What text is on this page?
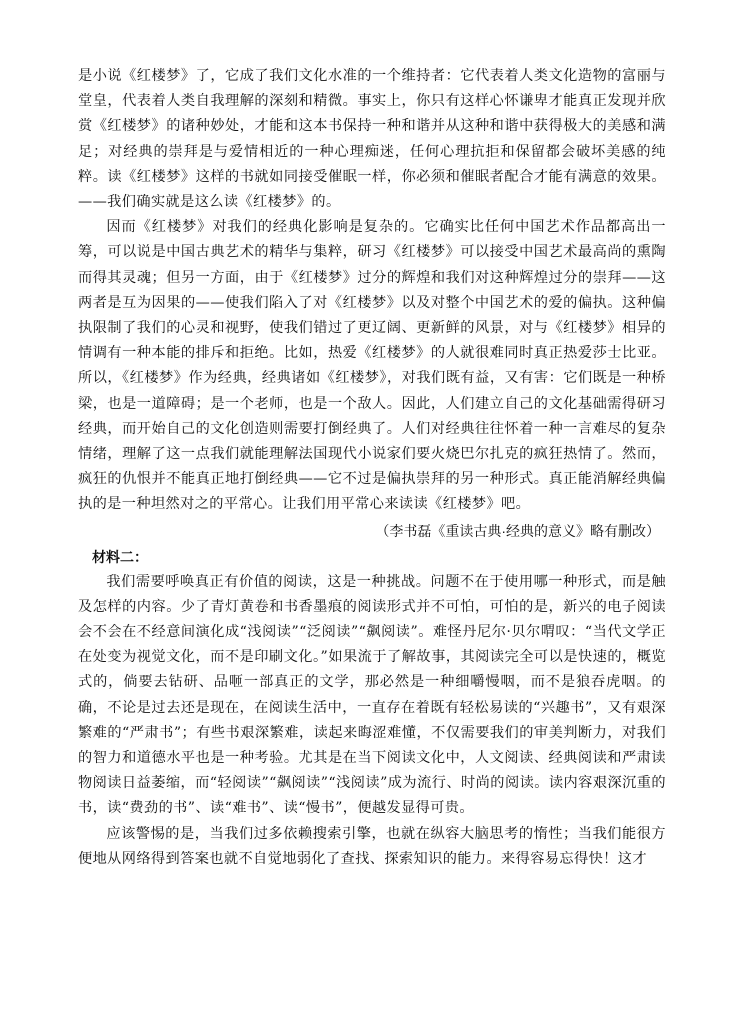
是小说《红楼梦》了，它成了我们文化水准的一个维持者：它代表着人类文化造物的富丽与堂皇，代表着人类自我理解的深刻和精微。事实上，你只有这样心怀谦卑才能真正发现并欣赏《红楼梦》的诸种妙处，才能和这本书保持一种和谐并从这种和谐中获得极大的美感和满足；对经典的崇拜是与爱情相近的一种心理痴迷，任何心理抗拒和保留都会破坏美感的纯粹。读《红楼梦》这样的书就如同接受催眠一样，你必须和催眠者配合才能有满意的效果。——我们确实就是这么读《红楼梦》的。

因而《红楼梦》对我们的经典化影响是复杂的。它确实比任何中国艺术作品都高出一筹，可以说是中国古典艺术的精华与集粹，研习《红楼梦》可以接受中国艺术最高尚的熏陶而得其灵魂；但另一方面，由于《红楼梦》过分的辉煌和我们对这种辉煌过分的崇拜——这两者是互为因果的——使我们陷入了对《红楼梦》以及对整个中国艺术的爱的偏执。这种偏执限制了我们的心灵和视野，使我们错过了更辽阔、更新鲜的风景，对与《红楼梦》相异的情调有一种本能的排斥和拒绝。比如，热爱《红楼梦》的人就很难同时真正热爱莎士比亚。所以，《红楼梦》作为经典，经典诸如《红楼梦》，对我们既有益，又有害：它们既是一种桥梁，也是一道障碍；是一个老师，也是一个敌人。因此，人们建立自己的文化基础需得研习经典，而开始自己的文化创造则需要打倒经典了。人们对经典往往怀着一种一言难尽的复杂情绪，理解了这一点我们就能理解法国现代小说家们要火烧巴尔扎克的疯狂热情了。然而，疯狂的仇恨并不能真正地打倒经典——它不过是偏执崇拜的另一种形式。真正能消解经典偏执的是一种坦然对之的平常心。让我们用平常心来读读《红楼梦》吧。

（李书磊《重读古典·经典的意义》略有删改）

材料二：

我们需要呼唤真正有价值的阅读，这是一种挑战。问题不在于使用哪一种形式，而是触及怎样的内容。少了青灯黄卷和书香墨痕的阅读形式并不可怕，可怕的是，新兴的电子阅读会不会在不经意间演化成“浅阅读”“泛阅读”“飙阅读”。难怪丹尼尔·贝尔喟叹：“当代文学正在处变为视觉文化，而不是印刷文化。”如果流于了解故事，其阅读完全可以是快速的，概览式的，倘要去钻研、品咂一部真正的文学，那必然是一种细嚼慢咽，而不是狼吞虎咽。的确，不论是过去还是现在，在阅读生活中，一直存在着既有轻松易读的“兴趣书”，又有艰深繁难的“严肃书”；有些书艰深繁难，读起来晦涩难懂，不仅需要我们的审美判断力，对我们的智力和道德水平也是一种考验。尤其是在当下阅读文化中，人文阅读、经典阅读和严肃读物阅读日益萎缩，而“轻阅读”“飙阅读”“浅阅读”成为流行、时尚的阅读。读内容艰深沉重的书，读“费劲的书”、读“难书”、读“慢书”，便越发显得可贵。

应该警惕的是，当我们过多依赖搜索引擎，也就在纵容大脑思考的惰性；当我们能很方便地从网络得到答案也就不自觉地弱化了查找、探索知识的能力。来得容易忘得快！这才
